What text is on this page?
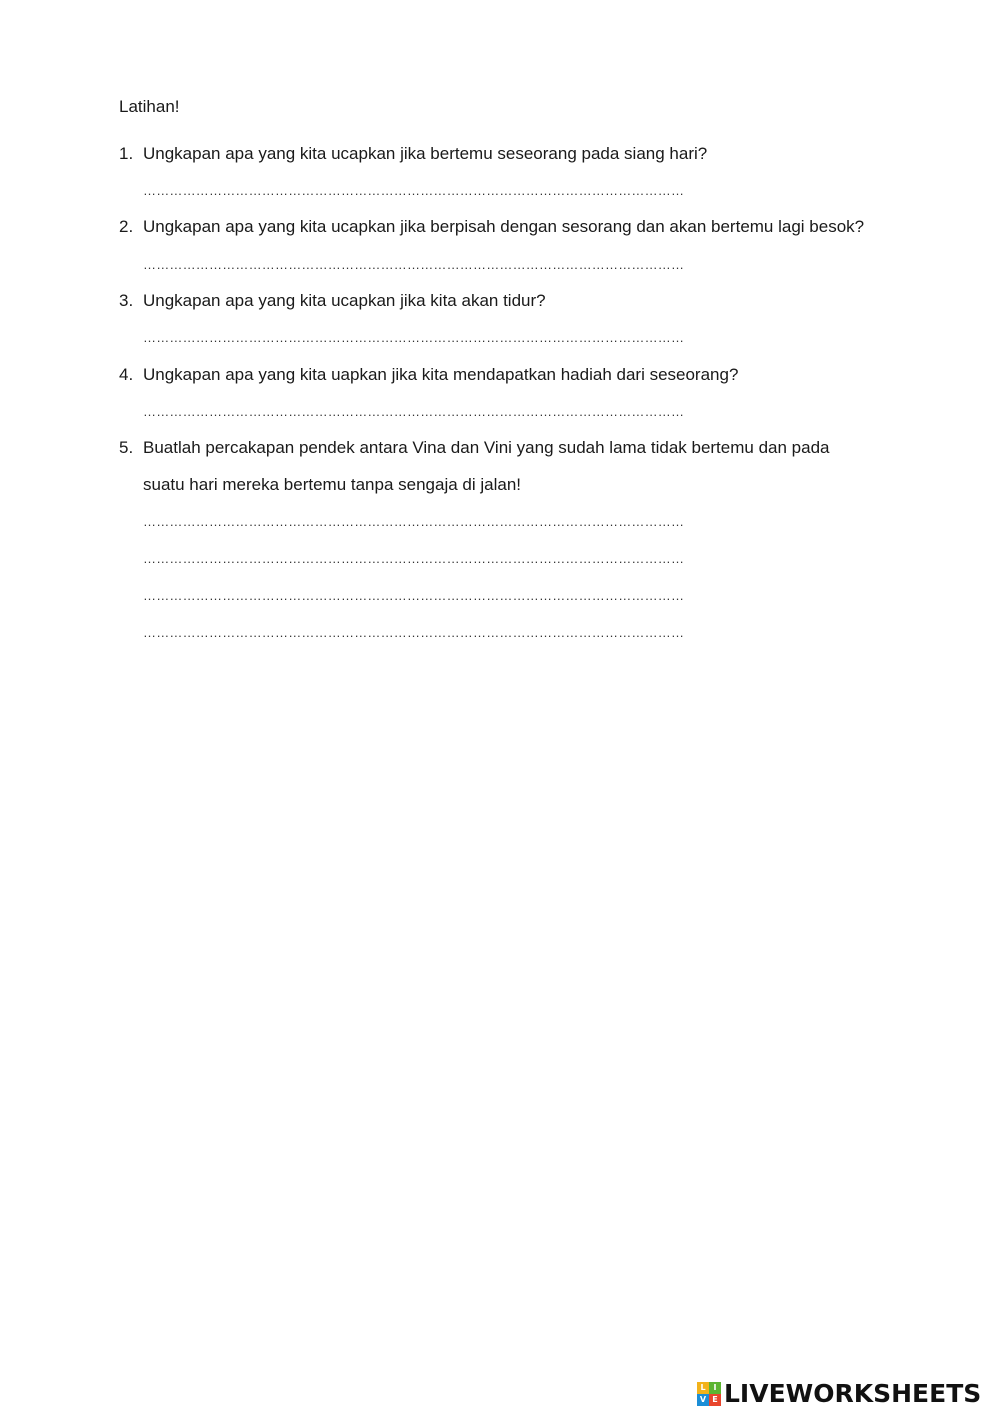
Latihan!
1. Ungkapan apa yang kita ucapkan jika bertemu seseorang pada siang hari?
……………………………………………………………………………………………………………
2. Ungkapan apa yang kita ucapkan jika berpisah dengan sesorang dan akan bertemu lagi besok?
……………………………………………………………………………………………………………
3. Ungkapan apa yang kita ucapkan jika kita akan tidur?
……………………………………………………………………………………………………………
4. Ungkapan apa yang kita uapkan jika kita mendapatkan hadiah dari seseorang?
……………………………………………………………………………………………………………
5. Buatlah percakapan pendek antara Vina dan Vini yang sudah lama tidak bertemu dan pada
suatu hari mereka bertemu tanpa sengaja di jalan!
……………………………………………………………………………………………………………
……………………………………………………………………………………………………………
……………………………………………………………………………………………………………
……………………………………………………………………………………………………………
L I
V E LIVEWORKSHEETS
